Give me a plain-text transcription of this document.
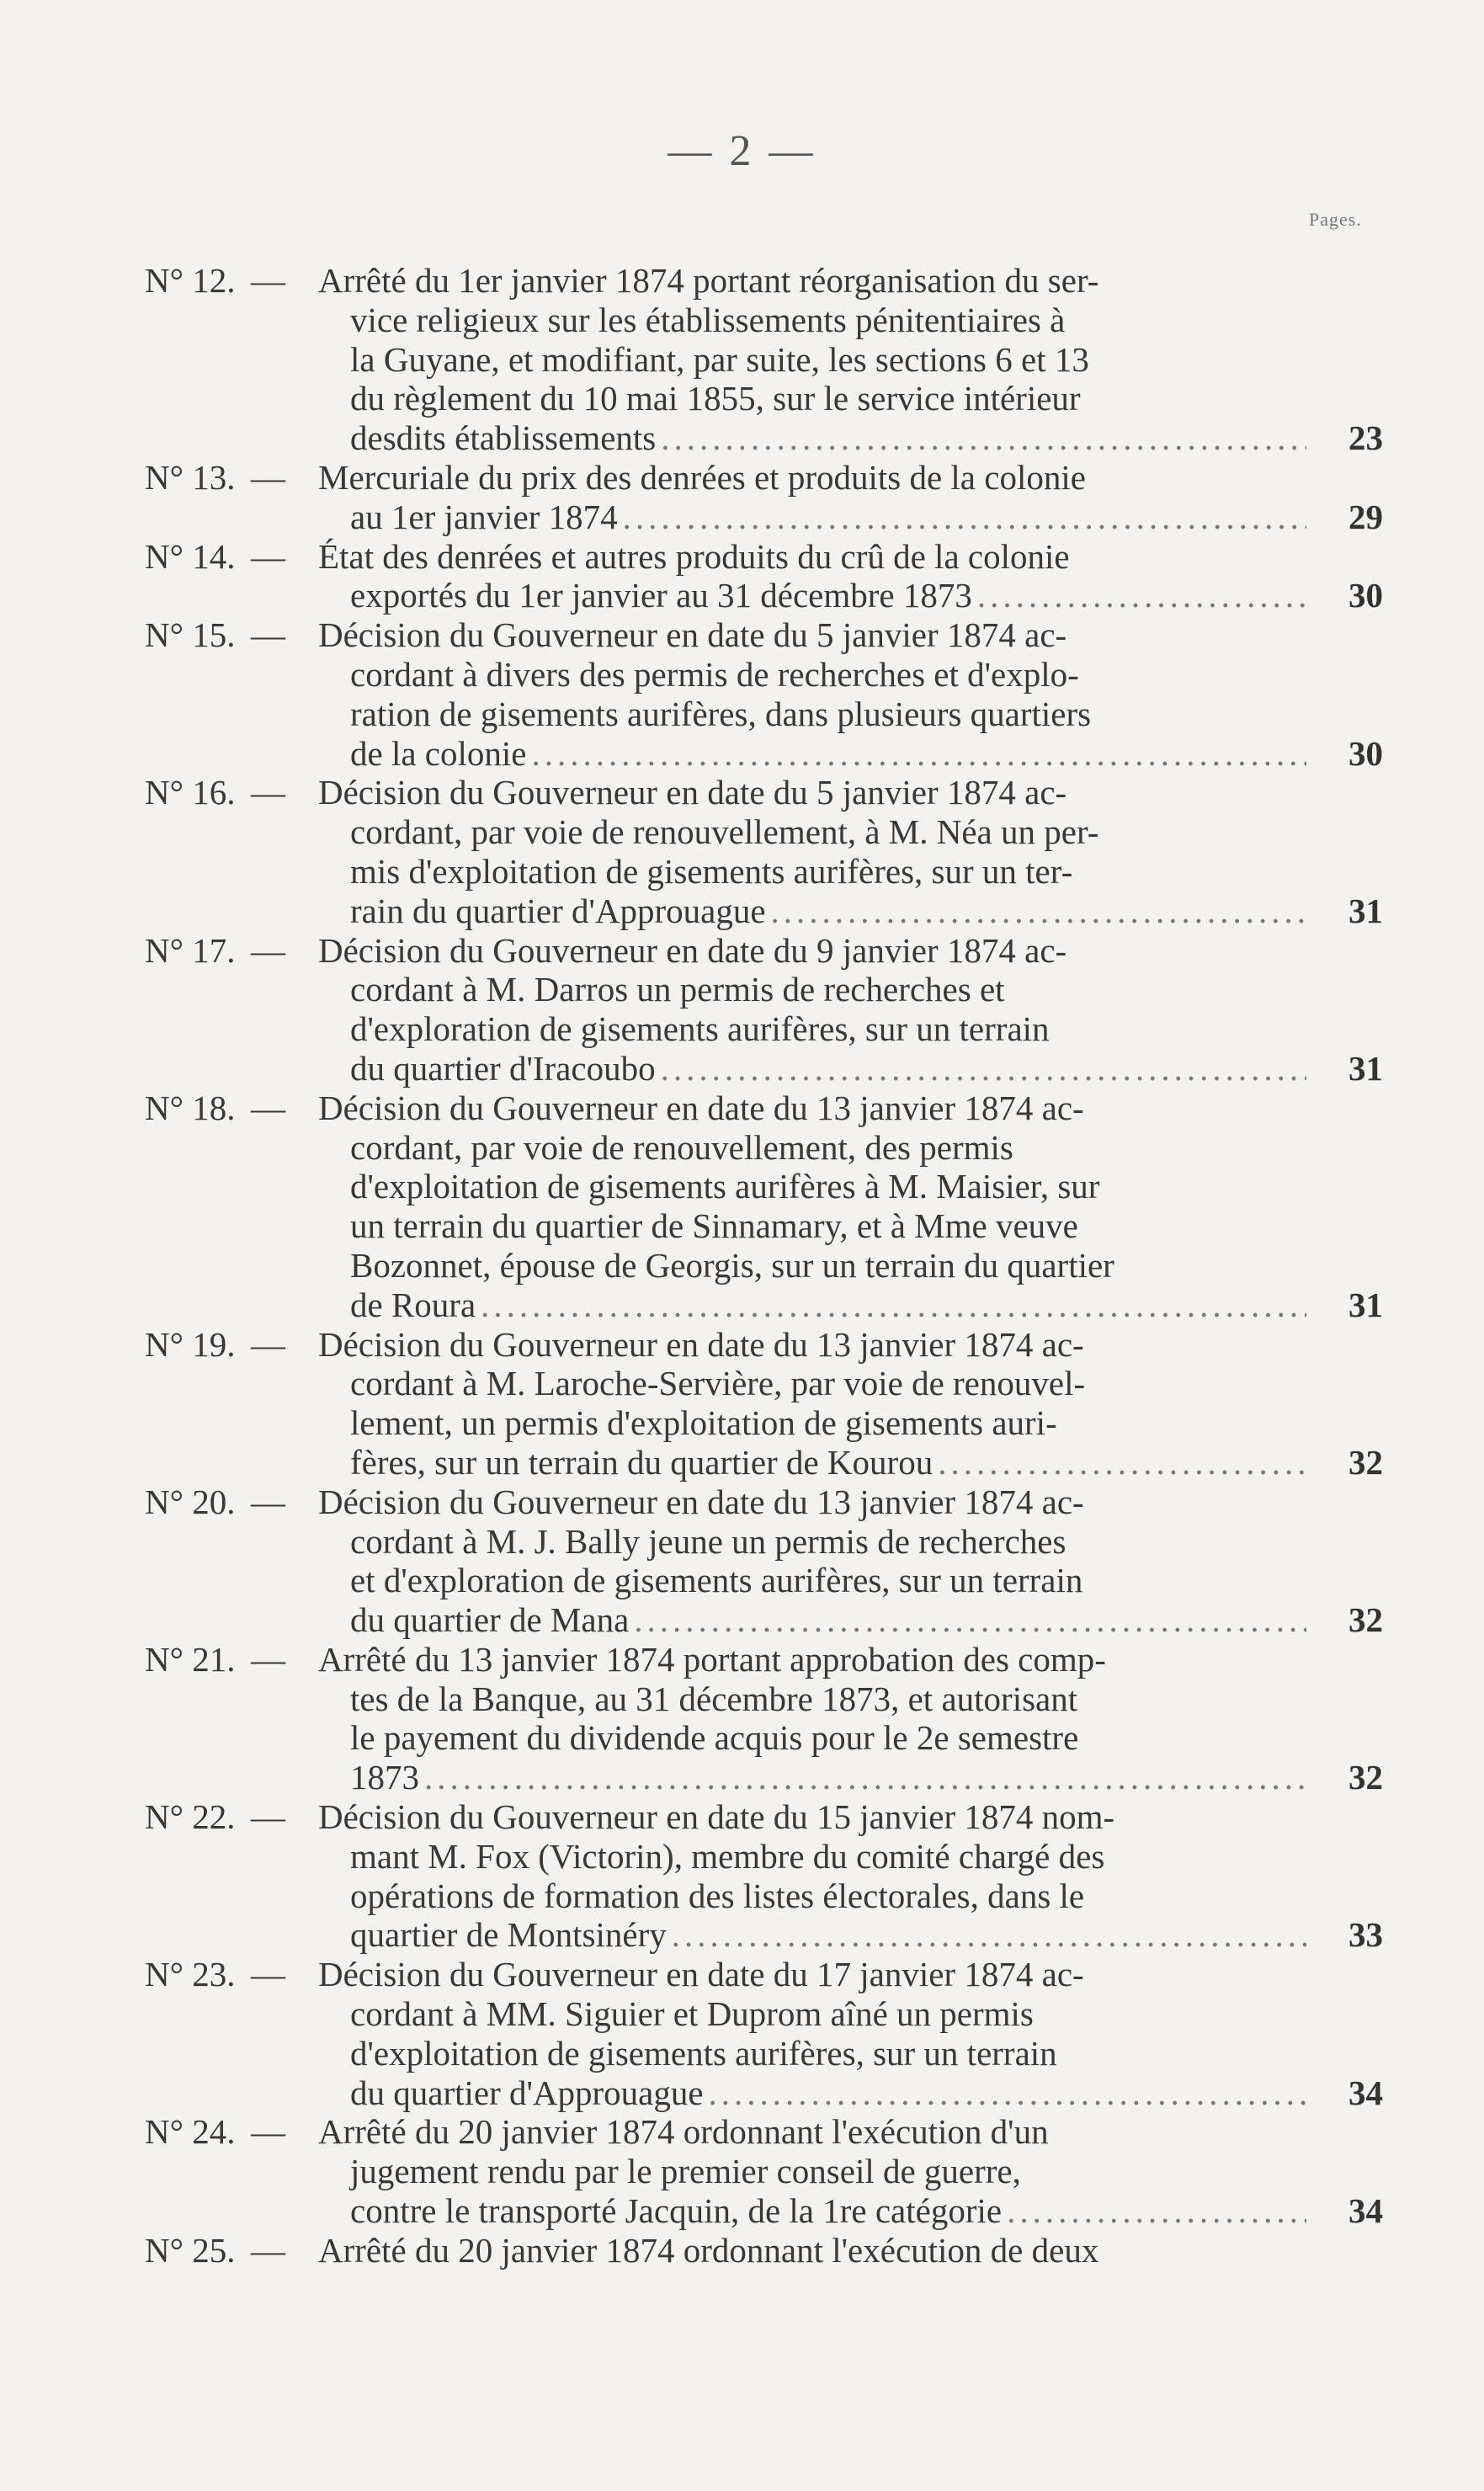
— 2 —
Pages.
N° 12. — Arrêté du 1er janvier 1874 portant réorganisation du ser-
vice religieux sur les établissements pénitentiaires à
la Guyane, et modifiant, par suite, les sections 6 et 13
du règlement du 10 mai 1855, sur le service intérieur
desdits établissements .....	23
N° 13. — Mercuriale du prix des denrées et produits de la colonie
au 1er janvier 1874 .....	29
N° 14. — État des denrées et autres produits du crû de la colonie
exportés du 1er janvier au 31 décembre 1873 .....	30
N° 15. — Décision du Gouverneur en date du 5 janvier 1874 ac-
cordant à divers des permis de recherches et d'explo-
ration de gisements aurifères, dans plusieurs quartiers
de la colonie .....	30
N° 16. — Décision du Gouverneur en date du 5 janvier 1874 ac-
cordant, par voie de renouvellement, à M. Néa un per-
mis d'exploitation de gisements aurifères, sur un ter-
rain du quartier d'Approuague .....	31
N° 17. — Décision du Gouverneur en date du 9 janvier 1874 ac-
cordant à M. Darros un permis de recherches et
d'exploration de gisements aurifères, sur un terrain
du quartier d'Iracoubo .....	31
N° 18. — Décision du Gouverneur en date du 13 janvier 1874 ac-
cordant, par voie de renouvellement, des permis
d'exploitation de gisements aurifères à M. Maisier, sur
un terrain du quartier de Sinnamary, et à Mme veuve
Bozonnet, épouse de Georgis, sur un terrain du quartier
de Roura .....	31
N° 19. — Décision du Gouverneur en date du 13 janvier 1874 ac-
cordant à M. Laroche-Servière, par voie de renouvel-
lement, un permis d'exploitation de gisements auri-
fères, sur un terrain du quartier de Kourou .....	32
N° 20. — Décision du Gouverneur en date du 13 janvier 1874 ac-
cordant à M. J. Bally jeune un permis de recherches
et d'exploration de gisements aurifères, sur un terrain
du quartier de Mana .....	32
N° 21. — Arrêté du 13 janvier 1874 portant approbation des comp-
tes de la Banque, au 31 décembre 1873, et autorisant
le payement du dividende acquis pour le 2e semestre
1873 .....	32
N° 22. — Décision du Gouverneur en date du 15 janvier 1874 nom-
mant M. Fox (Victorin), membre du comité chargé des
opérations de formation des listes électorales, dans le
quartier de Montsinéry .....	33
N° 23. — Décision du Gouverneur en date du 17 janvier 1874 ac-
cordant à MM. Siguier et Duprom aîné un permis
d'exploitation de gisements aurifères, sur un terrain
du quartier d'Approuague .....	34
N° 24. — Arrêté du 20 janvier 1874 ordonnant l'exécution d'un
jugement rendu par le premier conseil de guerre,
contre le transporté Jacquin, de la 1re catégorie .....	34
N° 25. — Arrêté du 20 janvier 1874 ordonnant l'exécution de deux
